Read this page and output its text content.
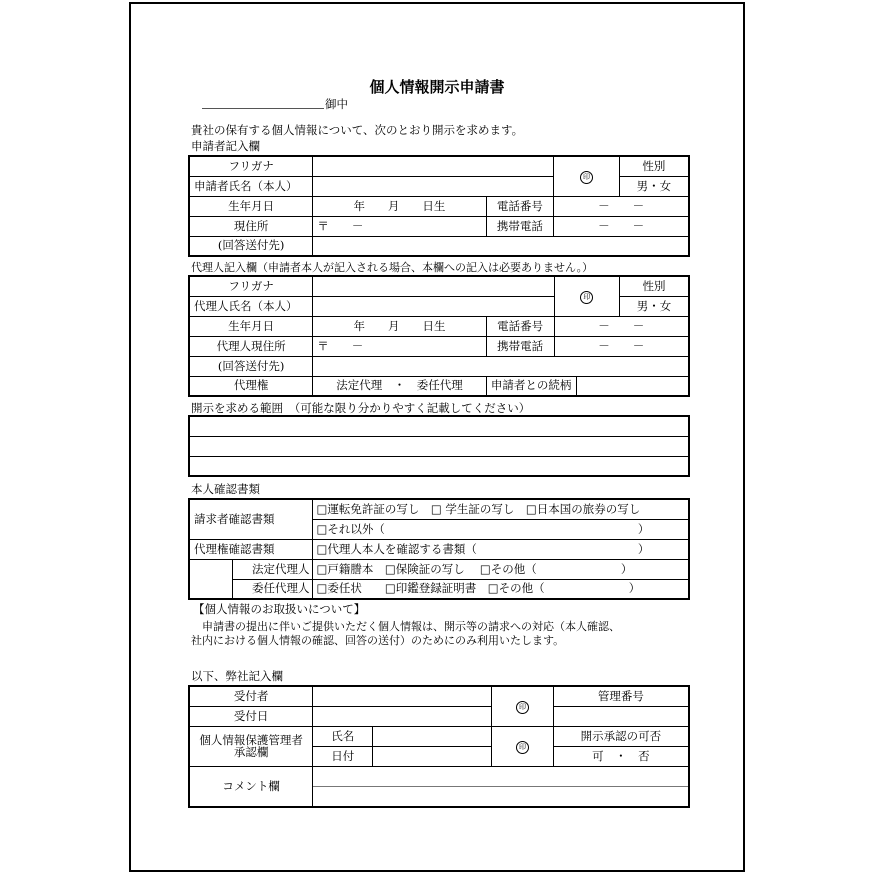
個人情報開示申請書
御中
貴社の保有する個人情報について、次のとおり開示を求めます。
申請者記入欄
フリガナ			印	性別
申請者氏名（本人）				男・女
生年月日	年　　月　　日生	電話番号	－　　－	
現住所	〒　　－	携帯電話	－　　－	
(回答送付先)				
代理人記入欄（申請者本人が記入される場合、本欄への記入は必要ありません。）
フリガナ			印		性別
代理人氏名（本人）					男・女
生年月日	年　　月　　日生	電話番号	－　　－		
代理人現住所	〒　　－	携帯電話	－　　－		
(回答送付先)					
代理権	法定代理　・　委任代理	申請者との続柄			
開示を求める範囲　（可能な限り分かりやすく記載してください）

本人確認書類
請求者確認書類		□運転免許証の写し　□ 学生証の写し　□日本国の旅券の写し
		□それ以外（　　　　　　　　　　　　　　　　　　　　　　）
代理権確認書類		□代理人本人を確認する書類（　　　　　　　　　　　　　　）
	法定代理人	□戸籍謄本　□保険証の写し　 □その他（　　　　　　　 ）
	委任代理人	□委任状　　□印鑑登録証明書　□その他（　　　　　　　 ）
【個人情報のお取扱いについて】
　申請書の提出に伴いご提供いただく個人情報は、開示等の請求への対応（本人確認、
社内における個人情報の確認、回答の送付）のためにのみ利用いたします。
以下、弊社記入欄
受付者			印	管理番号
受付日				
個人情報保護管理者
承認欄	氏名		印	開示承認の可否
	日付			可　・　否
コメント欄				
